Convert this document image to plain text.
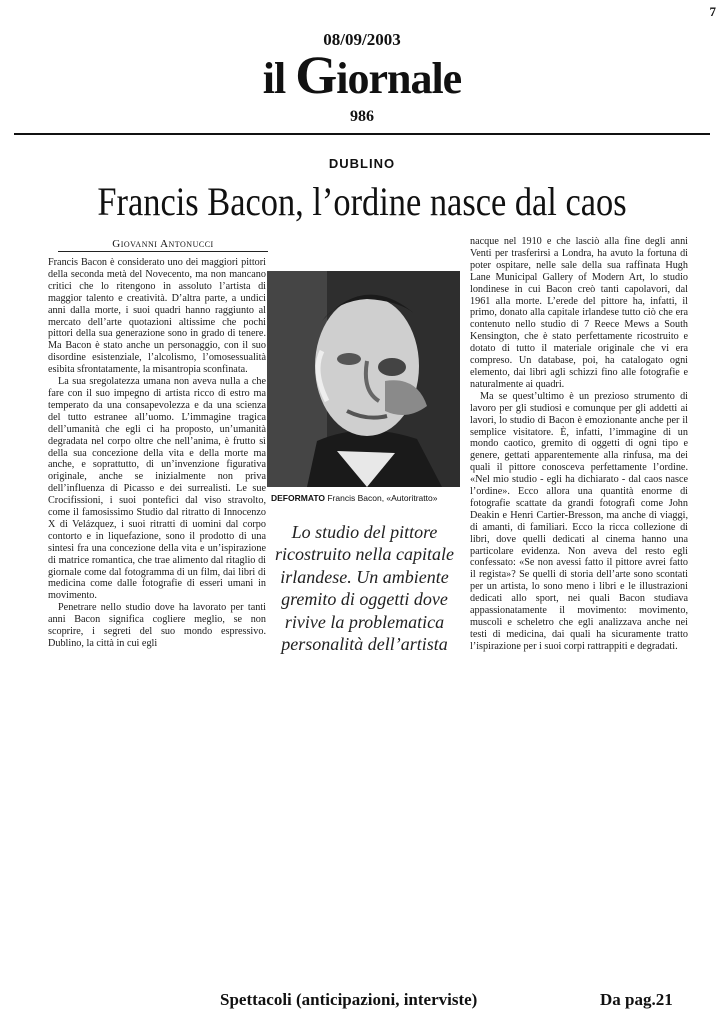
7
08/09/2003
il Giornale
986
DUBLINO
Francis Bacon, l’ordine nasce dal caos
Giovanni Antonucci

Francis Bacon è considerato uno dei maggiori pittori della seconda metà del Novecento, ma non mancano critici che lo ritengono in assoluto l’artista di maggior talento e creatività. D’altra parte, a undici anni dalla morte, i suoi quadri hanno raggiunto al mercato dell’arte quotazioni altissime che pochi pittori della sua generazione sono in grado di tenere. Ma Bacon è stato anche un personaggio, con il suo disordine esistenziale, l’alcolismo, l’omosessualità esibita sfrontatamente, la misantropia sconfinata.

La sua sregolatezza umana non aveva nulla a che fare con il suo impegno di artista ricco di estro ma temperato da una consapevolezza e da una scienza del tutto estranee all’uomo. L’immagine tragica dell’umanità che egli ci ha proposto, un’umanità degradata nel corpo oltre che nell’anima, è frutto sì della sua concezione della vita e della morte ma anche, e soprattutto, di un’invenzione figurativa originale, anche se inizialmente non priva dell’influenza di Picasso e dei surrealisti. Le sue Crocifissioni, i suoi pontefici dal viso stravolto, come il famosissimo Studio dal ritratto di Innocenzo X di Velázquez, i suoi ritratti di uomini dal corpo contorto e in liquefazione, sono il prodotto di una sintesi fra una concezione della vita e un’ispirazione di matrice romantica, che trae alimento dal ritaglio di giornale come dal fotogramma di un film, dai libri di medicina come dalle fotografie di esseri umani in movimento.

Penetrare nello studio dove ha lavorato per tanti anni Bacon significa cogliere meglio, se non scoprire, i segreti del suo mondo espressivo. Dublino, la città in cui egli

DEFORMATO Francis Bacon, «Autoritratto»
Lo studio del pittore ricostruito nella capitale irlandese. Un ambiente gremito di oggetti dove rivive la problematica personalità dell’artista

nacque nel 1910 e che lasciò alla fine degli anni Venti per trasferirsi a Londra, ha avuto la fortuna di poter ospitare, nelle sale della sua raffinata Hugh Lane Municipal Gallery of Modern Art, lo studio londinese in cui Bacon creò tanti capolavori, dal 1961 alla morte. L’erede del pittore ha, infatti, il primo, donato alla capitale irlandese tutto ciò che era contenuto nello studio di 7 Reece Mews a South Kensington, che è stato perfettamente ricostruito e dotato di tutto il materiale originale che vi era compreso. Un database, poi, ha catalogato ogni elemento, dai libri agli schizzi fino alle fotografie e naturalmente ai quadri.

Ma se quest’ultimo è un prezioso strumento di lavoro per gli studiosi e comunque per gli addetti ai lavori, lo studio di Bacon è emozionante anche per il semplice visitatore. È, infatti, l’immagine di un mondo caotico, gremito di oggetti di ogni tipo e genere, gettati apparentemente alla rinfusa, ma dei quali il pittore conosceva perfettamente l’ordine. «Nel mio studio - egli ha dichiarato - dal caos nasce l’ordine». Ecco allora una quantità enorme di fotografie scattate da grandi fotografi come John Deakin e Henri Cartier-Bresson, ma anche di viaggi, di amanti, di familiari. Ecco la ricca collezione di libri, dove quelli dedicati al cinema hanno una particolare evidenza. Non aveva del resto egli confessato: «Se non avessi fatto il pittore avrei fatto il regista»? Se quelli di storia dell’arte sono scontati per un artista, lo sono meno i libri e le illustrazioni dedicati allo sport, nei quali Bacon studiava appassionatamente il movimento: movimento, muscoli e scheletro che egli analizzava anche nei testi di medicina, dai quali ha sicuramente tratto l’ispirazione per i suoi corpi rattrappiti e degradati.

Spettacoli (anticipazioni, interviste)	Da pag.21
